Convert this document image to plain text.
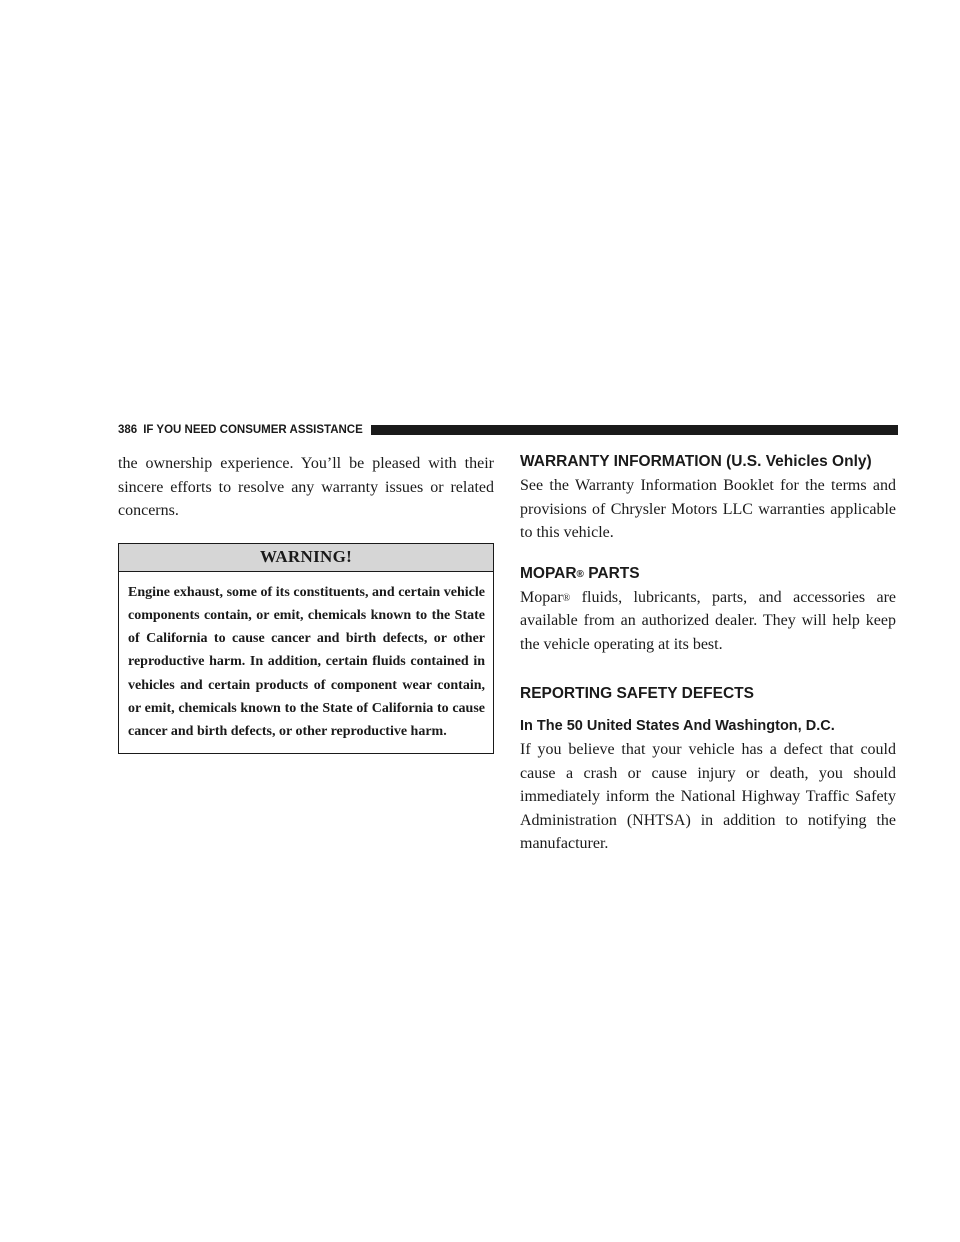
386 IF YOU NEED CONSUMER ASSISTANCE

the ownership experience. You’ll be pleased with their sincere efforts to resolve any warranty issues or related concerns.

WARNING!
Engine exhaust, some of its constituents, and certain vehicle components contain, or emit, chemicals known to the State of California to cause cancer and birth defects, or other reproductive harm. In addition, certain fluids contained in vehicles and certain products of component wear contain, or emit, chemicals known to the State of California to cause cancer and birth defects, or other reproductive harm.
WARRANTY INFORMATION (U.S. Vehicles Only)

See the Warranty Information Booklet for the terms and provisions of Chrysler Motors LLC warranties applicable to this vehicle.

MOPAR® PARTS

Mopar® fluids, lubricants, parts, and accessories are available from an authorized dealer. They will help keep the vehicle operating at its best.

REPORTING SAFETY DEFECTS
In The 50 United States And Washington, D.C.

If you believe that your vehicle has a defect that could cause a crash or cause injury or death, you should immediately inform the National Highway Traffic Safety Administration (NHTSA) in addition to notifying the manufacturer.
